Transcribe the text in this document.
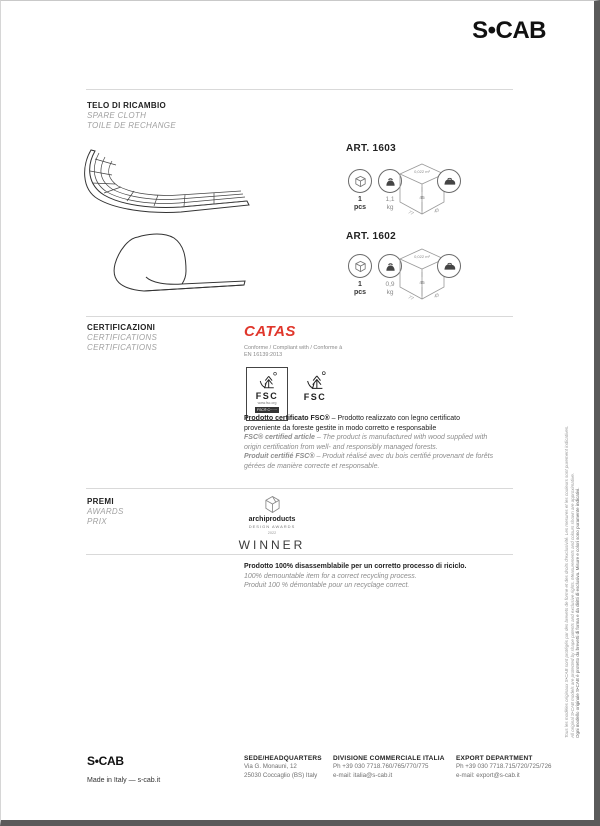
S•CAB
TELO DI RICAMBIO
SPARE CLOTH
TOILE DE RECHANGE
ART. 1603
1
pcs
1,1
kg
0,022 m³
45
77	45
ART. 1602
1
pcs
0,9
kg
0,022 m³
45
77	45
CERTIFICAZIONI
CERTIFICATIONS
CERTIFICATIONS
CATAS
Conforme / Compliant with / Conforme à
EN 16139:2013
FSC
www.fsc.org
FSC® C······
FSC
Prodotto certificato FSC® – Prodotto realizzato con legno certificato proveniente da foreste gestite in modo corretto e responsabile
FSC® certified article – The product is manufactured with wood supplied with origin certification from well- and responsibly managed forests.
Produit certifié FSC® – Produit réalisé avec du bois certifié provenant de forêts gérées de manière correcte et responsable.
PREMI
AWARDS
PRIX	archiproducts
DESIGN AWARDS
2022
WINNER
Prodotto 100% disassemblabile per un corretto processo di riciclo.
100% demountable item for a correct recycling process.
Produit 100 % démontable pour un recyclage correct.	Tous les modèles originaux S•CAB sont protégés par des brevets de forme et des droits d'exclusivité. Les mesures et les couleurs sont purement indicatives. All original S•CAB models are protected by shape patents and exclusive rights. Measurements and colours shown are approximative. Ogni modello originale S•CAB è protetto da brevetti di forma e da diritti di esclusiva. Misure e colori sono puramente indicativi.
S•CAB
Made in Italy — s-cab.it
SEDE/HEADQUARTERS
Via G. Monauni, 12
25030 Coccaglio (BS) Italy
DIVISIONE COMMERCIALE ITALIA
Ph +39 030 7718.760/765/770/775
e-mail: italia@s-cab.it
EXPORT DEPARTMENT
Ph +39 030 7718.715/720/725/726
e-mail: export@s-cab.it
